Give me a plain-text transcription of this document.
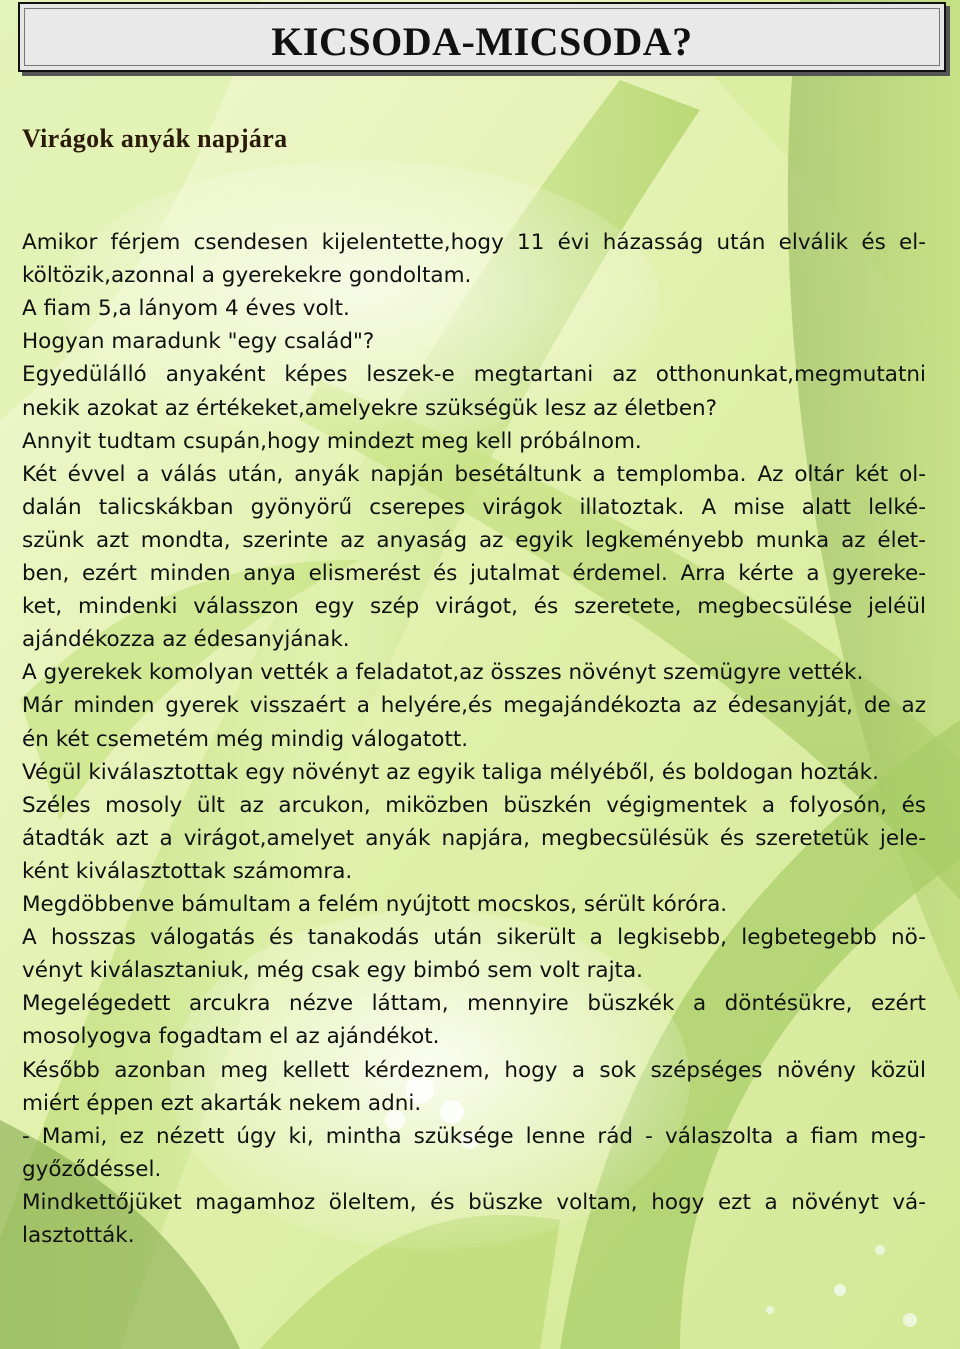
KICSODA-MICSODA?
Virágok anyák napjára
Amikor férjem csendesen kijelentette,hogy 11 évi házasság után elválik és el-
költözik,azonnal a gyerekekre gondoltam.
A fiam 5,a lányom 4 éves volt.
Hogyan maradunk "egy család"?
Egyedülálló anyaként képes leszek-e megtartani az otthonunkat,megmutatni
nekik azokat az értékeket,amelyekre szükségük lesz az életben?
Annyit tudtam csupán,hogy mindezt meg kell próbálnom.
Két évvel a válás után, anyák napján besétáltunk a templomba. Az oltár két ol-
dalán talicskákban gyönyörű cserepes virágok illatoztak. A mise alatt lelké-
szünk azt mondta, szerinte az anyaság az egyik legkeményebb munka az élet-
ben, ezért minden anya elismerést és jutalmat érdemel. Arra kérte a gyereke-
ket, mindenki válasszon egy szép virágot, és szeretete, megbecsülése jeléül
ajándékozza az édesanyjának.
A gyerekek komolyan vették a feladatot,az összes növényt szemügyre vették.
Már minden gyerek visszaért a helyére,és megajándékozta az édesanyját, de az
én két csemetém még mindig válogatott.
Végül kiválasztottak egy növényt az egyik taliga mélyéből, és boldogan hozták.
Széles mosoly ült az arcukon, miközben büszkén végigmentek a folyosón, és
átadták azt a virágot,amelyet anyák napjára, megbecsülésük és szeretetük jele-
ként kiválasztottak számomra.
Megdöbbenve bámultam a felém nyújtott mocskos, sérült kóróra.
A hosszas válogatás és tanakodás után sikerült a legkisebb, legbetegebb nö-
vényt kiválasztaniuk, még csak egy bimbó sem volt rajta.
Megelégedett arcukra nézve láttam, mennyire büszkék a döntésükre, ezért
mosolyogva fogadtam el az ajándékot.
Később azonban meg kellett kérdeznem, hogy a sok szépséges növény közül
miért éppen ezt akarták nekem adni.
- Mami, ez nézett úgy ki, mintha szüksége lenne rád - válaszolta a fiam meg-
győződéssel.
Mindkettőjüket magamhoz öleltem, és büszke voltam, hogy ezt a növényt vá-
lasztották.
